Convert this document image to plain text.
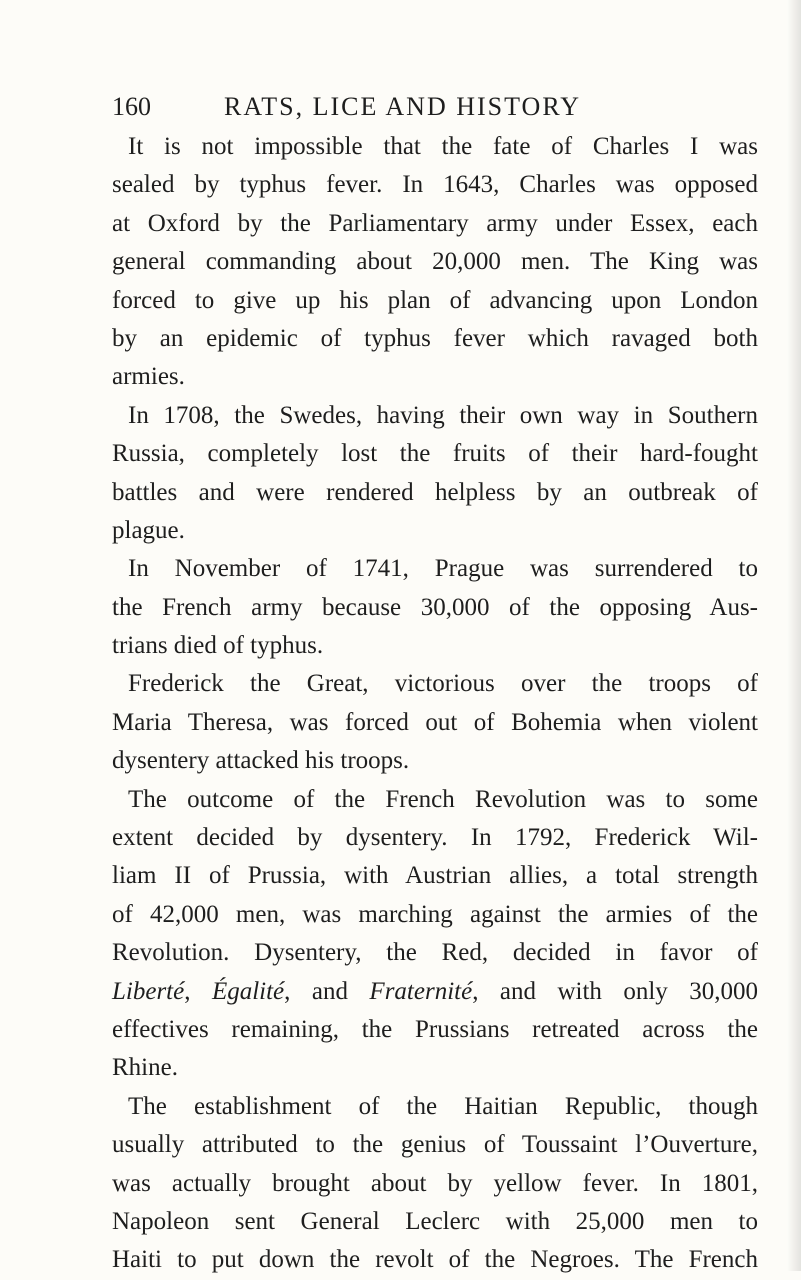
160	RATS, LICE AND HISTORY
It is not impossible that the fate of Charles I was
sealed by typhus fever. In 1643, Charles was opposed
at Oxford by the Parliamentary army under Essex, each
general commanding about 20,000 men. The King was
forced to give up his plan of advancing upon London
by an epidemic of typhus fever which ravaged both
armies.
In 1708, the Swedes, having their own way in Southern
Russia, completely lost the fruits of their hard-fought
battles and were rendered helpless by an outbreak of
plague.
In November of 1741, Prague was surrendered to
the French army because 30,000 of the opposing Aus-
trians died of typhus.
Frederick the Great, victorious over the troops of
Maria Theresa, was forced out of Bohemia when violent
dysentery attacked his troops.
The outcome of the French Revolution was to some
extent decided by dysentery. In 1792, Frederick Wil-
liam II of Prussia, with Austrian allies, a total strength
of 42,000 men, was marching against the armies of the
Revolution. Dysentery, the Red, decided in favor of
Liberté, Égalité, and Fraternité, and with only 30,000
effectives remaining, the Prussians retreated across the
Rhine.
The establishment of the Haitian Republic, though
usually attributed to the genius of Toussaint l’Ouverture,
was actually brought about by yellow fever. In 1801,
Napoleon sent General Leclerc with 25,000 men to
Haiti to put down the revolt of the Negroes. The French
